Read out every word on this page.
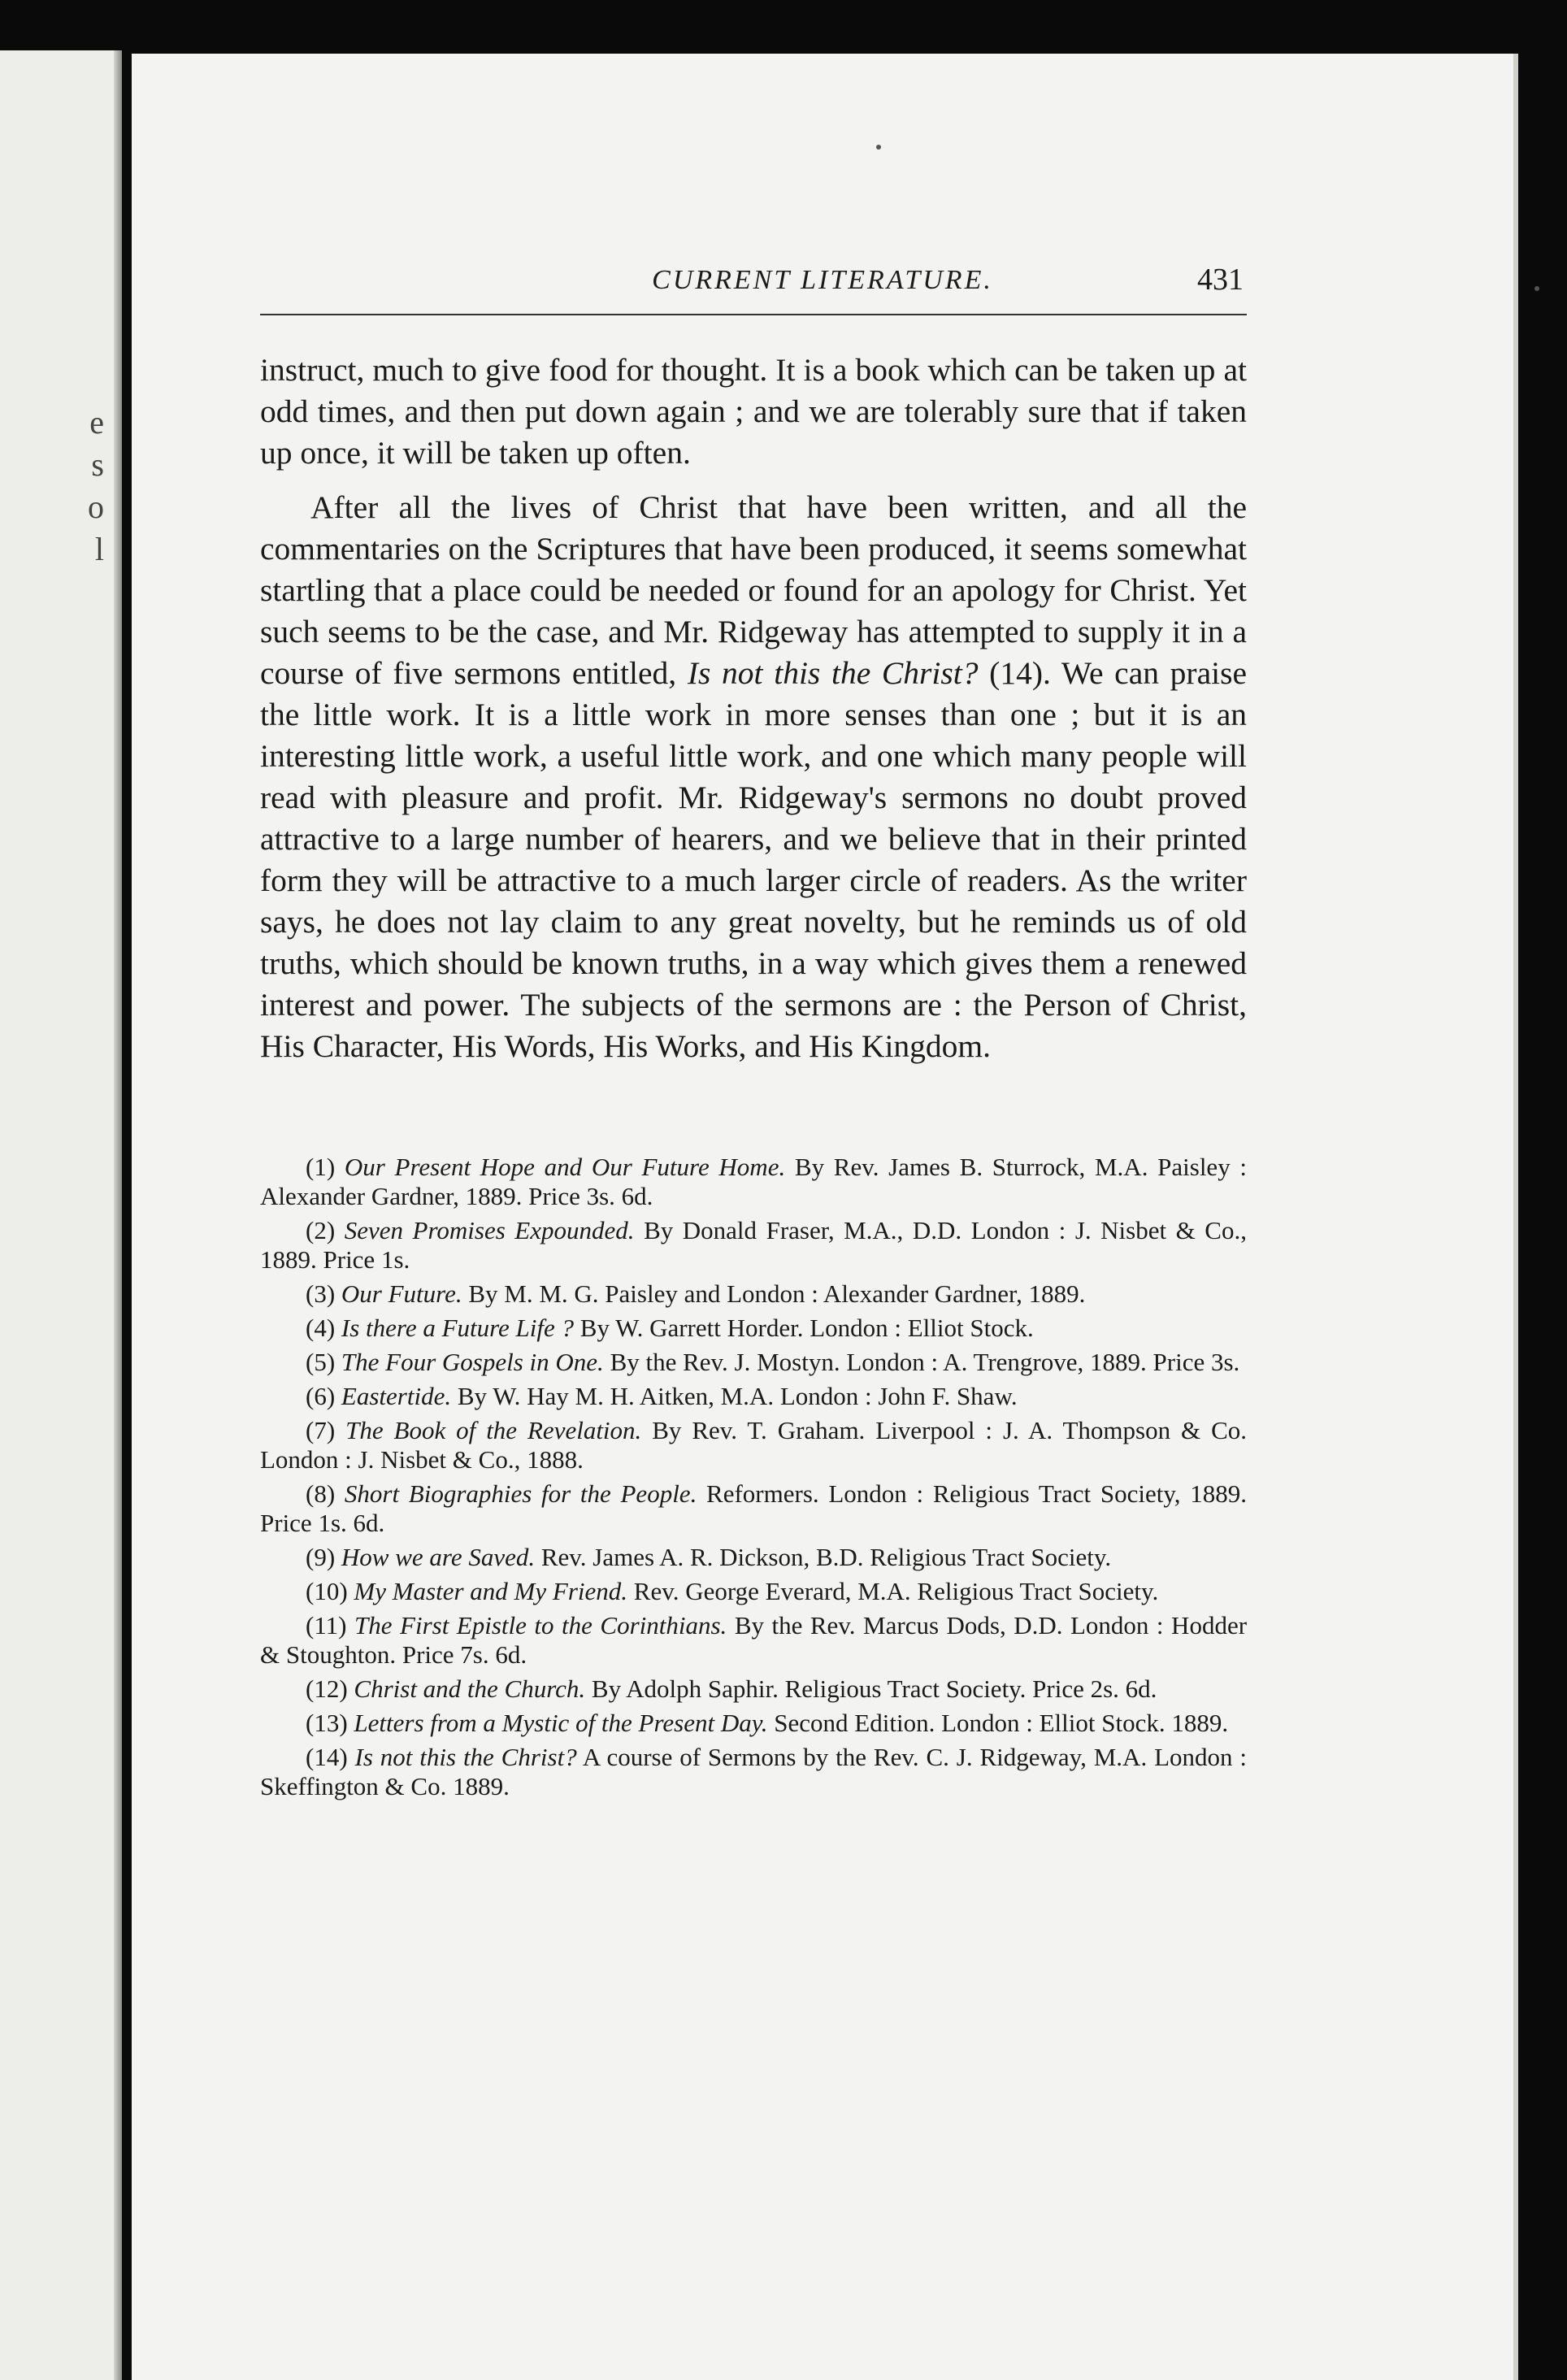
e
s
o
l
CURRENT LITERATURE.	431

instruct, much to give food for thought. It is a book which can be taken up at odd times, and then put down again ; and we are tolerably sure that if taken up once, it will be taken up often.

After all the lives of Christ that have been written, and all the commentaries on the Scriptures that have been produced, it seems somewhat startling that a place could be needed or found for an apology for Christ. Yet such seems to be the case, and Mr. Ridgeway has attempted to supply it in a course of five sermons entitled, Is not this the Christ? (14). We can praise the little work. It is a little work in more senses than one ; but it is an interesting little work, a useful little work, and one which many people will read with pleasure and profit. Mr. Ridgeway's sermons no doubt proved attractive to a large number of hearers, and we believe that in their printed form they will be attractive to a much larger circle of readers. As the writer says, he does not lay claim to any great novelty, but he reminds us of old truths, which should be known truths, in a way which gives them a renewed interest and power. The subjects of the sermons are : the Person of Christ, His Character, His Words, His Works, and His Kingdom.

(1) Our Present Hope and Our Future Home. By Rev. James B. Sturrock, M.A. Paisley : Alexander Gardner, 1889. Price 3s. 6d.

(2) Seven Promises Expounded. By Donald Fraser, M.A., D.D. London : J. Nisbet & Co., 1889. Price 1s.

(3) Our Future. By M. M. G. Paisley and London : Alexander Gardner, 1889.

(4) Is there a Future Life ? By W. Garrett Horder. London : Elliot Stock.

(5) The Four Gospels in One. By the Rev. J. Mostyn. London : A. Trengrove, 1889. Price 3s.

(6) Eastertide. By W. Hay M. H. Aitken, M.A. London : John F. Shaw.

(7) The Book of the Revelation. By Rev. T. Graham. Liverpool : J. A. Thompson & Co. London : J. Nisbet & Co., 1888.

(8) Short Biographies for the People. Reformers. London : Religious Tract Society, 1889. Price 1s. 6d.

(9) How we are Saved. Rev. James A. R. Dickson, B.D. Religious Tract Society.

(10) My Master and My Friend. Rev. George Everard, M.A. Religious Tract Society.

(11) The First Epistle to the Corinthians. By the Rev. Marcus Dods, D.D. London : Hodder & Stoughton. Price 7s. 6d.

(12) Christ and the Church. By Adolph Saphir. Religious Tract Society. Price 2s. 6d.

(13) Letters from a Mystic of the Present Day. Second Edition. London : Elliot Stock. 1889.

(14) Is not this the Christ? A course of Sermons by the Rev. C. J. Ridgeway, M.A. London : Skeffington & Co. 1889.
